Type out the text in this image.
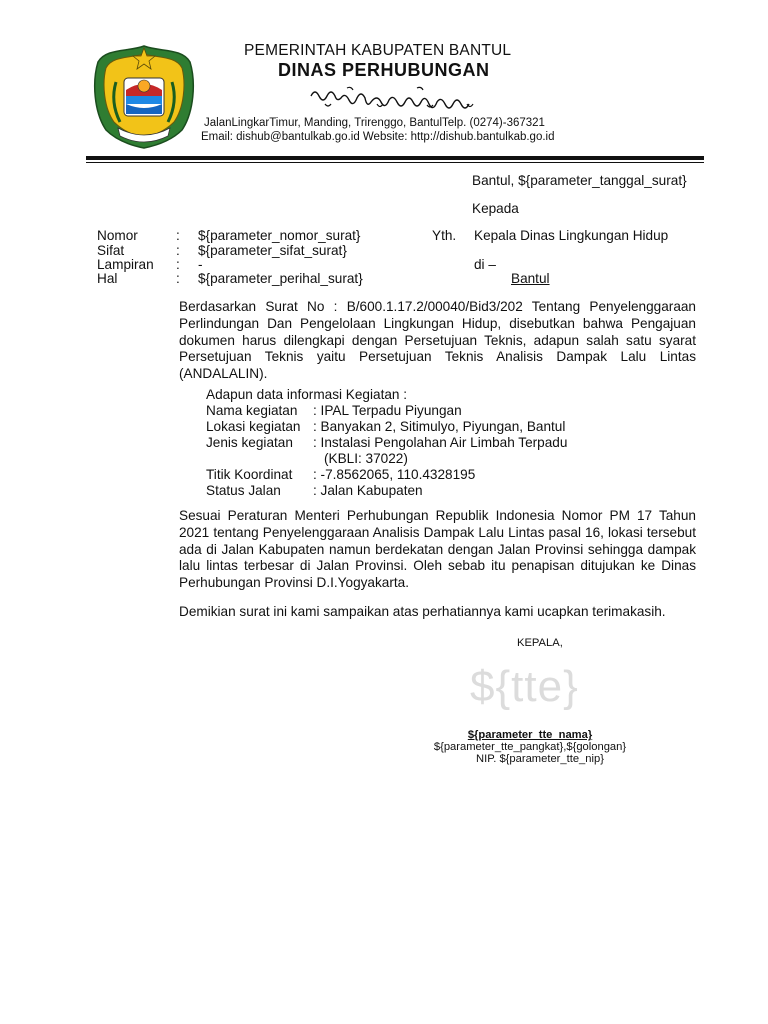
PEMERINTAH KABUPATEN BANTUL
DINAS PERHUBUNGAN
JalanLingkarTimur, Manding, Trirenggo, BantulTelp. (0274)-367321
Email: dishub@bantulkab.go.id Website: http://dishub.bantulkab.go.id
Bantul, ${parameter_tanggal_surat}
Kepada
Nomor	: ${parameter_nomor_surat}
Sifat	: ${parameter_sifat_surat}
Lampiran : -
Hal	: ${parameter_perihal_surat}
Yth. Kepala Dinas Lingkungan Hidup
di –
Bantul
Berdasarkan Surat No : B/600.1.17.2/00040/Bid3/202 Tentang Penyelenggaraan Perlindungan Dan Pengelolaan Lingkungan Hidup, disebutkan bahwa Pengajuan dokumen harus dilengkapi dengan Persetujuan Teknis, adapun salah satu syarat Persetujuan Teknis yaitu Persetujuan Teknis Analisis Dampak Lalu Lintas (ANDALALIN).
Adapun data informasi Kegiatan :
Nama kegiatan : IPAL Terpadu Piyungan
Lokasi kegiatan : Banyakan 2, Sitimulyo, Piyungan, Bantul
Jenis kegiatan : Instalasi Pengolahan Air Limbah Terpadu
(KBLI: 37022)
Titik Koordinat : -7.8562065, 110.4328195
Status Jalan : Jalan Kabupaten
Sesuai Peraturan Menteri Perhubungan Republik Indonesia Nomor PM 17 Tahun 2021 tentang Penyelenggaraan Analisis Dampak Lalu Lintas pasal 16, lokasi tersebut ada di Jalan Kabupaten namun berdekatan dengan Jalan Provinsi sehingga dampak lalu lintas terbesar di Jalan Provinsi. Oleh sebab itu penapisan ditujukan ke Dinas Perhubungan Provinsi D.I.Yogyakarta.
Demikian surat ini kami sampaikan atas perhatiannya kami ucapkan terimakasih.
KEPALA,
${tte}
${parameter_tte_nama}
${parameter_tte_pangkat},${golongan}
NIP. ${parameter_tte_nip}
